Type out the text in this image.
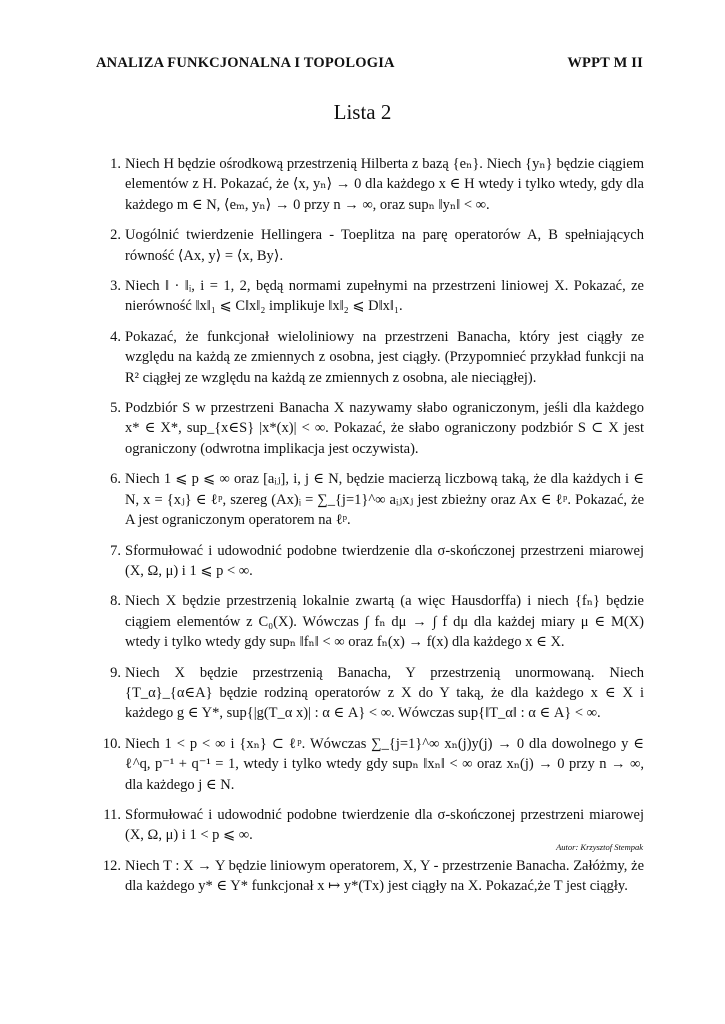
ANALIZA FUNKCJONALNA I TOPOLOGIA	WPPT M II
Lista 2
1. Niech H będzie ośrodkową przestrzenią Hilberta z bazą {eₙ}. Niech {yₙ} będzie ciągiem elementów z H. Pokazać, że ⟨x, yₙ⟩ → 0 dla każdego x ∈ H wtedy i tylko wtedy, gdy dla każdego m ∈ N, ⟨eₘ, yₙ⟩ → 0 przy n → ∞, oraz supₙ ‖yₙ‖ < ∞.
2. Uogólnić twierdzenie Hellingera - Toeplitza na parę operatorów A, B spełniających równość ⟨Ax, y⟩ = ⟨x, By⟩.
3. Niech ‖ · ‖ᵢ, i = 1, 2, będą normami zupełnymi na przestrzeni liniowej X. Pokazać, ze nierówność ‖x‖₁ ⩽ C‖x‖₂ implikuje ‖x‖₂ ⩽ D‖x‖₁.
4. Pokazać, że funkcjonał wieloliniowy na przestrzeni Banacha, który jest ciągły ze względu na każdą ze zmiennych z osobna, jest ciągły. (Przypomnieć przykład funkcji na R² ciągłej ze względu na każdą ze zmiennych z osobna, ale nieciągłej).
5. Podzbiór S w przestrzeni Banacha X nazywamy słabo ograniczonym, jeśli dla każdego x* ∈ X*, sup_{x∈S} |x*(x)| < ∞. Pokazać, że słabo ograniczony podzbiór S ⊂ X jest ograniczony (odwrotna implikacja jest oczywista).
6. Niech 1 ⩽ p ⩽ ∞ oraz [aᵢⱼ], i, j ∈ N, będzie macierzą liczbową taką, że dla każdych i ∈ N, x = {xⱼ} ∈ ℓᵖ, szereg (Ax)ᵢ = ∑_{j=1}^∞ aᵢⱼxⱼ jest zbieżny oraz Ax ∈ ℓᵖ. Pokazać, że A jest ograniczonym operatorem na ℓᵖ.
7. Sformułować i udowodnić podobne twierdzenie dla σ-skończonej przestrzeni miarowej (X, Ω, μ) i 1 ⩽ p < ∞.
8. Niech X będzie przestrzenią lokalnie zwartą (a więc Hausdorffa) i niech {fₙ} będzie ciągiem elementów z C₀(X). Wówczas ∫ fₙ dμ → ∫ f dμ dla każdej miary μ ∈ M(X) wtedy i tylko wtedy gdy supₙ ‖fₙ‖ < ∞ oraz fₙ(x) → f(x) dla każdego x ∈ X.
9. Niech X będzie przestrzenią Banacha, Y przestrzenią unormowaną. Niech {T_α}_{α∈A} będzie rodziną operatorów z X do Y taką, że dla każdego x ∈ X i każdego g ∈ Y*, sup{|g(T_α x)| : α ∈ A} < ∞. Wówczas sup{‖T_α‖ : α ∈ A} < ∞.
10. Niech 1 < p < ∞ i {xₙ} ⊂ ℓᵖ. Wówczas ∑_{j=1}^∞ xₙ(j)y(j) → 0 dla dowolnego y ∈ ℓ^q, p⁻¹ + q⁻¹ = 1, wtedy i tylko wtedy gdy supₙ ‖xₙ‖ < ∞ oraz xₙ(j) → 0 przy n → ∞, dla każdego j ∈ N.
11. Sformułować i udowodnić podobne twierdzenie dla σ-skończonej przestrzeni miarowej (X, Ω, μ) i 1 < p ⩽ ∞.
12. Niech T : X → Y będzie liniowym operatorem, X, Y - przestrzenie Banacha. Załóżmy, że dla każdego y* ∈ Y* funkcjonał x ↦ y*(Tx) jest ciągły na X. Pokazać,że T jest ciągły.
Autor: Krzysztof Stempak
